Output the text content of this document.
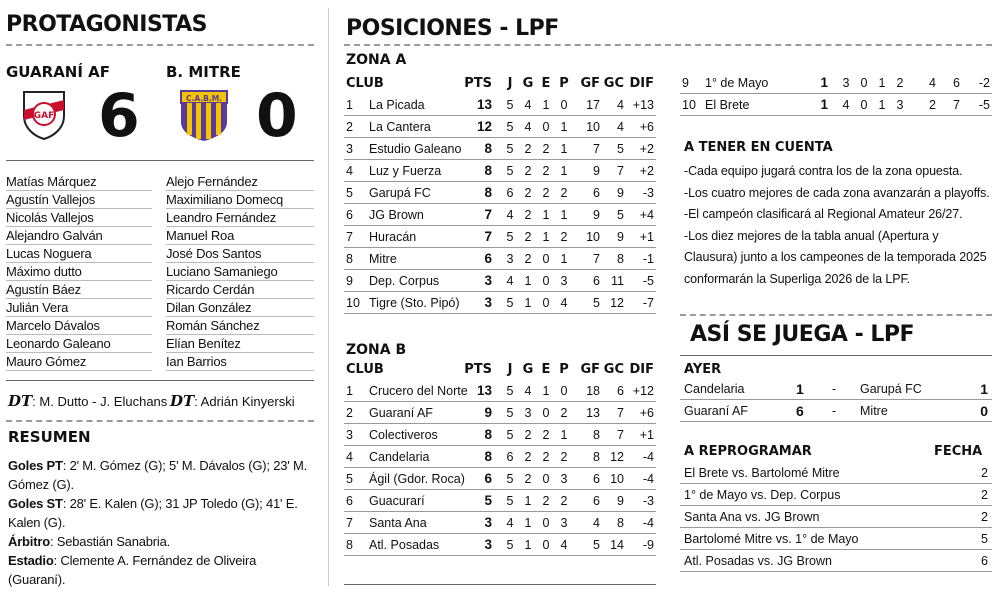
PROTAGONISTAS
GUARANÍ AF	B. MITRE
GAF 6	C.A.B.M. 0
Matías Márquez
Agustín Vallejos
Nicolás Vallejos
Alejandro Galván
Lucas Noguera
Máximo dutto
Agustín Báez
Julián Vera
Marcelo Dávalos
Leonardo Galeano
Mauro Gómez
Alejo Fernández
Maximiliano Domecq
Leandro Fernández
Manuel Roa
José Dos Santos
Luciano Samaniego
Ricardo Cerdán
Dilan González
Román Sánchez
Elían Benítez
Ian Barrios
DT: M. Dutto - J. Eluchans DT: Adrián Kinyerski
RESUMEN

Goles PT: 2' M. Gómez (G); 5' M. Dávalos (G); 23' M. Gómez (G).

Goles ST: 28' E. Kalen (G); 31 JP Toledo (G); 41' E. Kalen (G).

Árbitro: Sebastián Sanabria.

Estadio: Clemente A. Fernández de Oliveira (Guaraní).

POSICIONES - LPF
ZONA A
CLUB	PTS J G E P GF GC DIF
1	La Picada	13 5 4 1 0	17	4 +13
2	La Cantera	12 5 4 0 1	10	4	+6
3	Estudio Galeano	8 5 2 2 1	7	5	+2
4	Luz y Fuerza	8 5 2 2 1	9	7	+2
5	Garupá FC	8 6 2 2 2	6	9	-3
6	JG Brown	7 4 2 1 1	9	5	+4
7	Huracán	7 5 2 1 2	10	9	+1
8	Mitre	6 3 2 0 1	7	8	-1
9	Dep. Corpus	3 4 1 0 3	6 11	-5
10 Tigre (Sto. Pipó)	3 5 1 0 4	5 12	-7
ZONA B
CLUB	PTS J G E P GF GC DIF
1	Crucero del Norte 13 5 4 1 0	18	6 +12
2	Guaraní AF	9 5 3 0 2	13	7	+6
3	Colectiveros	8 5 2 2 1	8	7	+1
4	Candelaria	8 6 2 2 2	8 12	-4
5	Ágil (Gdor. Roca)	6 5 2 0 3	6 10	-4
6	Guacurarí	5 5 1 2 2	6	9	-3
7	Santa Ana	3 4 1 0 3	4	8	-4
8	Atl. Posadas	3 5 1 0 4	5 14	-9
9	1° de Mayo	1 3 0 1 2	4	6	-2
10 El Brete	1 4 0 1 3	2	7	-5
A TENER EN CUENTA

-Cada equipo jugará contra los de la zona opuesta.

-Los cuatro mejores de cada zona avanzarán a playoffs.

-El campeón clasificará al Regional Amateur 26/27.

-Los diez mejores de la tabla anual (Apertura y Clausura) junto a los campeones de la temporada 2025 conformarán la Superliga 2026 de la LPF.

ASÍ SE JUEGA - LPF
AYER
Candelaria	1 - Garupá FC	1
Guaraní AF	6 - Mitre	0
A REPROGRAMAR	FECHA
El Brete vs. Bartolomé Mitre	2
1° de Mayo vs. Dep. Corpus	2
Santa Ana vs. JG Brown	2
Bartolomé Mitre vs. 1° de Mayo	5
Atl. Posadas vs. JG Brown	6
